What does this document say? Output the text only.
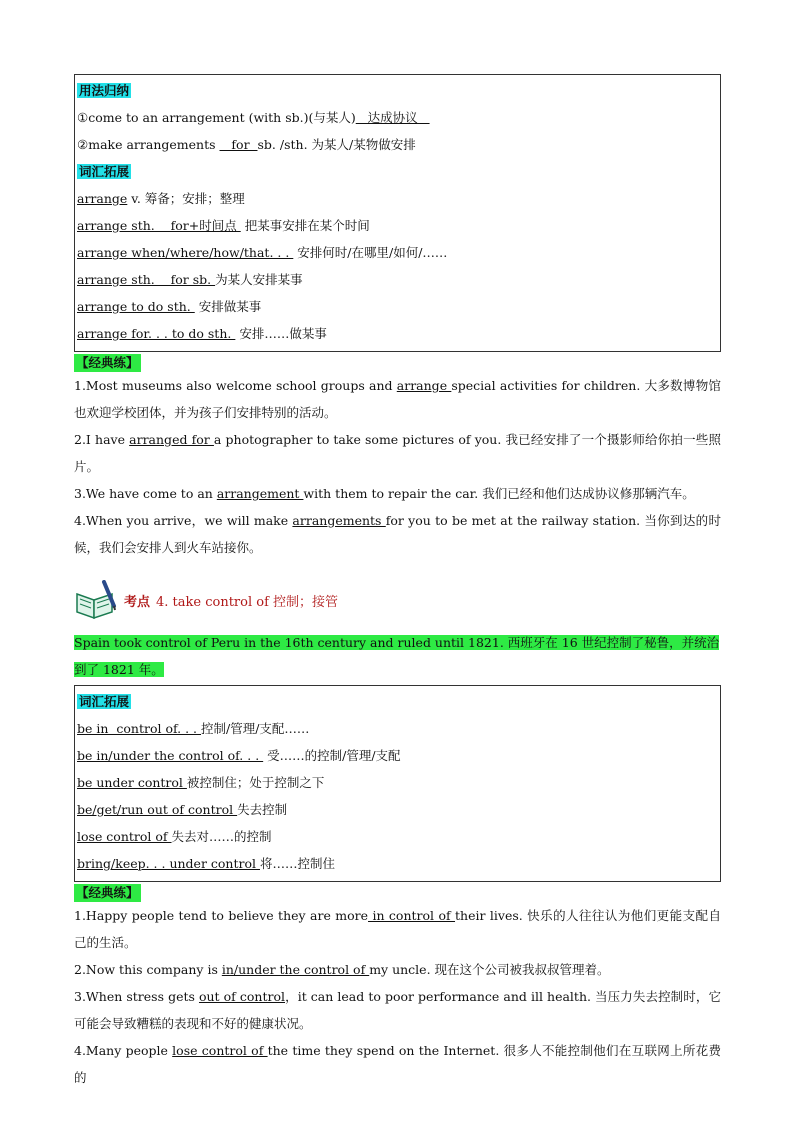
用法归纳
①come to an arrangement (with sb.)(与某人)   达成协议
②make arrangements    for  sb. /sth. 为某人/某物做安排
词汇拓展
arrange v. 筹备；安排；整理
arrange sth.    for+时间点  把某事安排在某个时间
arrange when/where/how/that. . .  安排何时/在哪里/如何/……
arrange sth.    for sb. 为某人安排某事
arrange to do sth.  安排做某事
arrange for. . . to do sth.  安排……做某事
【经典练】
1.Most museums also welcome school groups and arrange special activities for children. 大多数博物馆也欢迎学校团体，并为孩子们安排特别的活动。
2.I have arranged for a photographer to take some pictures of you. 我已经安排了一个摄影师给你拍一些照片。
3.We have come to an arrangement with them to repair the car. 我们已经和他们达成协议修那辆汽车。
4.When you arrive，we will make arrangements for you to be met at the railway station. 当你到达的时候，我们会安排人到火车站接你。
考点 4. take control of 控制；接管
Spain took control of Peru in the 16th century and ruled until 1821. 西班牙在 16 世纪控制了秘鲁，并统治到了 1821 年。
词汇拓展
be in  control of. . . 控制/管理/支配……
be in/under the control of. . .  受……的控制/管理/支配
be under control 被控制住；处于控制之下
be/get/run out of control 失去控制
lose control of 失去对……的控制
bring/keep. . . under control 将……控制住
【经典练】
1.Happy people tend to believe they are more in control of their lives. 快乐的人往往认为他们更能支配自己的生活。
2.Now this company is in/under the control of my uncle. 现在这个公司被我叔叔管理着。
3.When stress gets out of control，it can lead to poor performance and ill health. 当压力失去控制时，它可能会导致糟糕的表现和不好的健康状况。
4.Many people lose control of the time they spend on the Internet. 很多人不能控制他们在互联网上所花费的
